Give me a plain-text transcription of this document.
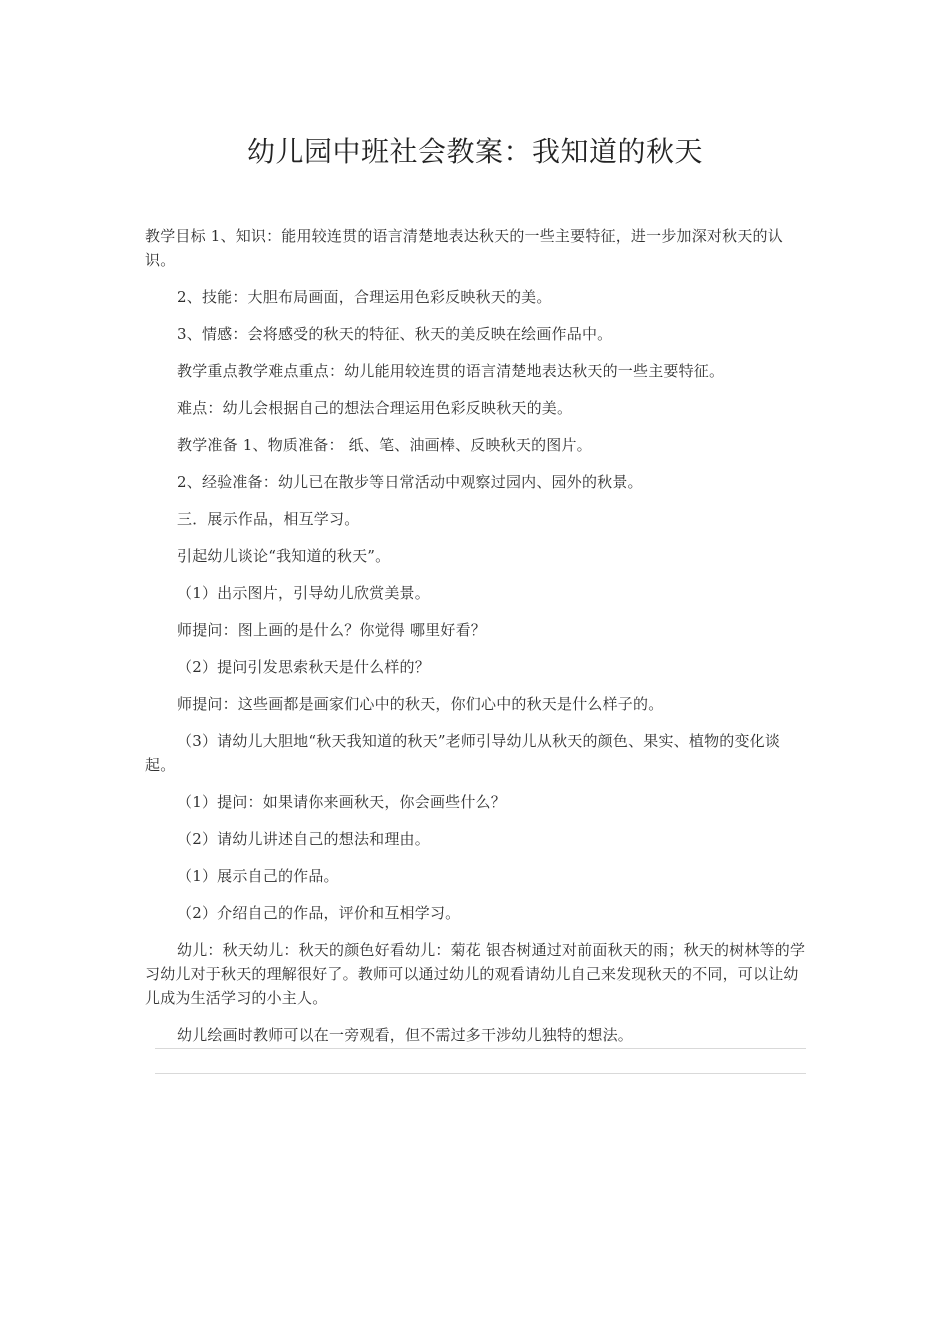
幼儿园中班社会教案：我知道的秋天

教学目标 1、知识：能用较连贯的语言清楚地表达秋天的一些主要特征，进一步加深对秋天的认识。

2、技能：大胆布局画面，合理运用色彩反映秋天的美。

3、情感：会将感受的秋天的特征、秋天的美反映在绘画作品中。

教学重点教学难点重点：幼儿能用较连贯的语言清楚地表达秋天的一些主要特征。

难点：幼儿会根据自己的想法合理运用色彩反映秋天的美。

教学准备 1、物质准备： 纸、笔、油画棒、反映秋天的图片。

2、经验准备：幼儿已在散步等日常活动中观察过园内、园外的秋景。

三．展示作品，相互学习。

引起幼儿谈论“我知道的秋天”。

（1）出示图片，引导幼儿欣赏美景。

师提问：图上画的是什么？你觉得 哪里好看？

（2）提问引发思索秋天是什么样的？

师提问：这些画都是画家们心中的秋天，你们心中的秋天是什么样子的。

（3）请幼儿大胆地“秋天我知道的秋天”老师引导幼儿从秋天的颜色、果实、植物的变化谈起。

（1）提问：如果请你来画秋天，你会画些什么？

（2）请幼儿讲述自己的想法和理由。

（1）展示自己的作品。

（2）介绍自己的作品，评价和互相学习。

幼儿：秋天幼儿：秋天的颜色好看幼儿：菊花 银杏树通过对前面秋天的雨；秋天的树林等的学习幼儿对于秋天的理解很好了。教师可以通过幼儿的观看请幼儿自己来发现秋天的不同，可以让幼儿成为生活学习的小主人。

幼儿绘画时教师可以在一旁观看，但不需过多干涉幼儿独特的想法。
